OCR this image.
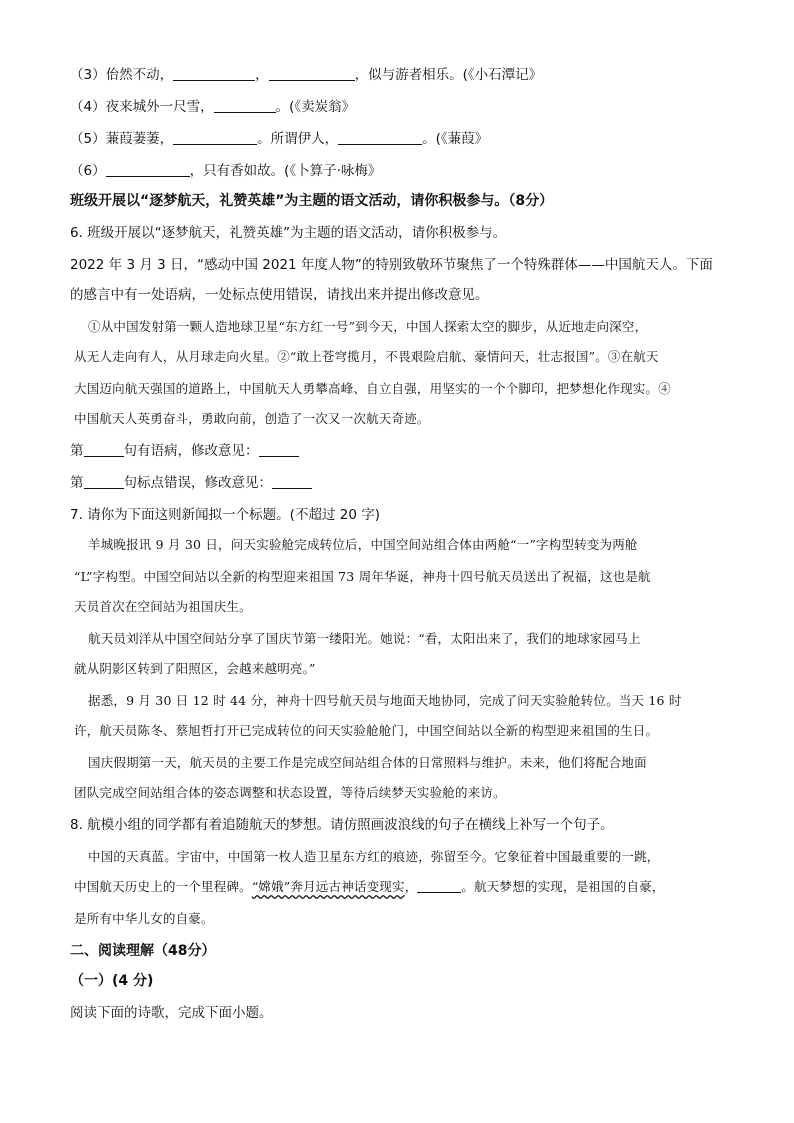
（3）佁然不动，	，	，似与游者相乐。(《小石潭记》
（4）夜来城外一尺雪，	。(《卖炭翁》
（5）蒹葭萋萋，	。所谓伊人，	。(《蒹葭》
（6）	，只有香如故。(《卜算子·咏梅》
班级开展以“逐梦航天，礼赞英雄”为主题的语文活动，请你积极参与。（8分）
6. 班级开展以“逐梦航天，礼赞英雄”为主题的语文活动，请你积极参与。
2022 年 3 月 3 日，“感动中国 2021 年度人物”的特别致敬环节聚焦了一个特殊群体——中国航天人。下面
的感言中有一处语病，一处标点使用错误，请找出来并提出修改意见。
①从中国发射第一颗人造地球卫星“东方红一号”到今天，中国人探索太空的脚步，从近地走向深空，
从无人走向有人，从月球走向火星。②“敢上苍穹揽月，不畏艰险启航、豪情问天，壮志报国”。③在航天
大国迈向航天强国的道路上，中国航天人勇攀高峰、自立自强，用坚实的一个个脚印，把梦想化作现实。④
中国航天人英勇奋斗，勇敢向前，创造了一次又一次航天奇迹。
第	句有语病，修改意见：
第	句标点错误，修改意见：
7. 请你为下面这则新闻拟一个标题。(不超过 20 字)
羊城晚报讯 9 月 30 日，问天实验舱完成转位后，中国空间站组合体由两舱“一”字构型转变为两舱
“L”字构型。中国空间站以全新的构型迎来祖国 73 周年华诞，神舟十四号航天员送出了祝福，这也是航
天员首次在空间站为祖国庆生。
航天员刘洋从中国空间站分享了国庆节第一缕阳光。她说：“看，太阳出来了，我们的地球家园马上
就从阴影区转到了阳照区，会越来越明亮。”
据悉，9 月 30 日 12 时 44 分，神舟十四号航天员与地面天地协同，完成了问天实验舱转位。当天 16 时
许，航天员陈冬、蔡旭哲打开已完成转位的问天实验舱舱门，中国空间站以全新的构型迎来祖国的生日。
国庆假期第一天，航天员的主要工作是完成空间站组合体的日常照料与维护。未来，他们将配合地面
团队完成空间站组合体的姿态调整和状态设置，等待后续梦天实验舱的来访。
8. 航模小组的同学都有着追随航天的梦想。请仿照画波浪线的句子在横线上补写一个句子。
中国的天真蓝。宇宙中，中国第一枚人造卫星东方红的痕迹，弥留至今。它象征着中国最重要的一跳，
中国航天历史上的一个里程碑。“嫦娥”奔月远古神话变现实，	。航天梦想的实现，是祖国的自豪，
是所有中华儿女的自豪。
二、阅读理解（48分）
（一）(4 分)
阅读下面的诗歌，完成下面小题。
